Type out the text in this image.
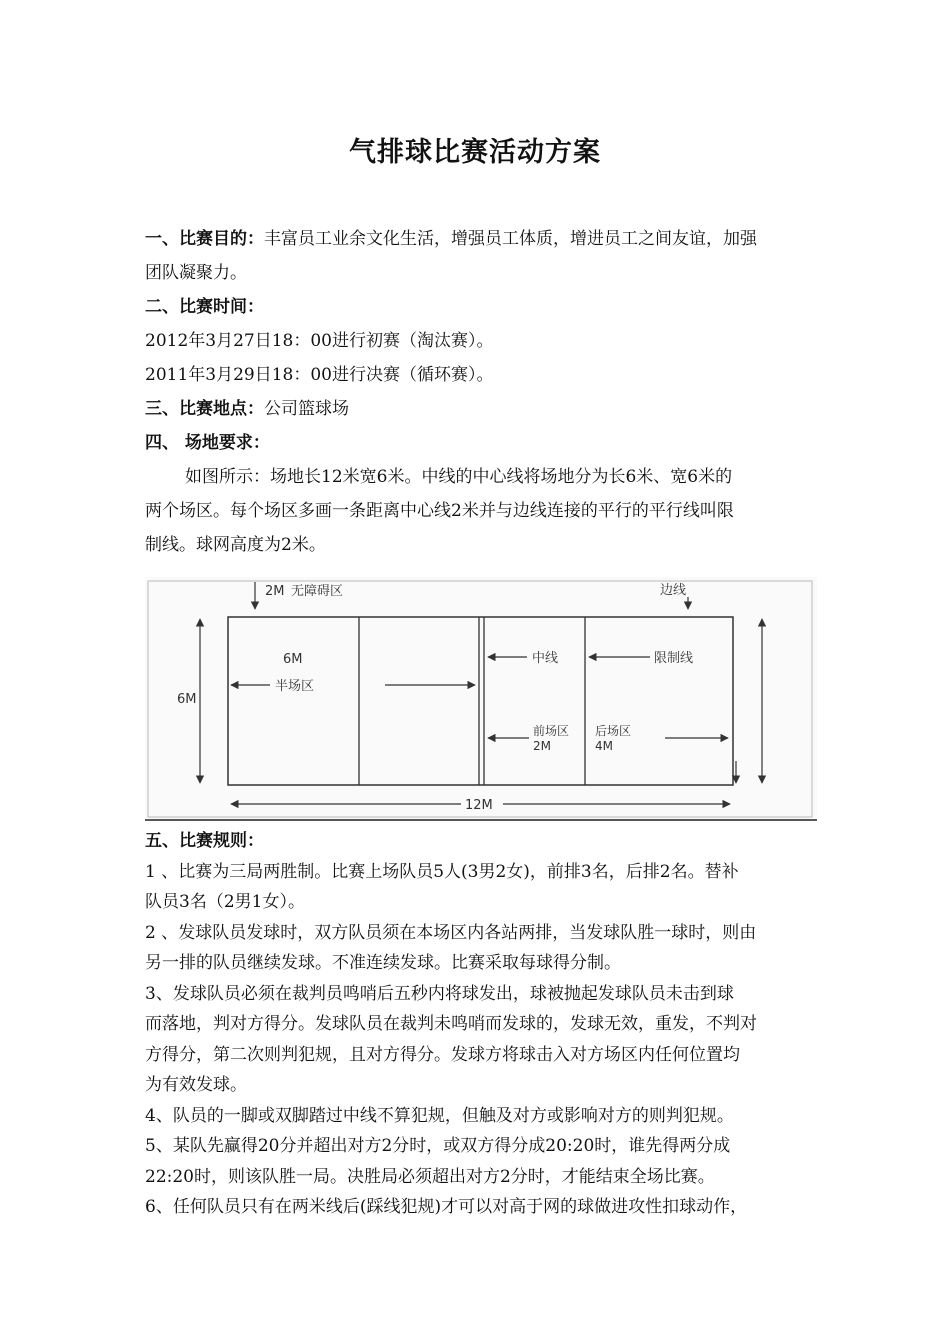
气排球比赛活动方案
一、比赛目的：丰富员工业余文化生活，增强员工体质，增进员工之间友谊，加强
团队凝聚力。
二、比赛时间：
2012年3月27日18：00进行初赛（淘汰赛）。
2011年3月29日18：00进行决赛（循环赛）。
三、比赛地点：公司篮球场
四、 场地要求：
如图所示：场地长12米宽6米。中线的中心线将场地分为长6米、宽6米的
两个场区。每个场区多画一条距离中心线2米并与边线连接的平行的平行线叫限
制线。球网高度为2米。
2M 无障碍区	边线
6M
6M
半场区
中线	限制线
前场区
2M
后场区
4M
12M
五、比赛规则：
1 、比赛为三局两胜制。比赛上场队员5人(3男2女)，前排3名，后排2名。替补
队员3名（2男1女）。
2 、发球队员发球时，双方队员须在本场区内各站两排，当发球队胜一球时，则由
另一排的队员继续发球。不准连续发球。比赛采取每球得分制。
3、发球队员必须在裁判员鸣哨后五秒内将球发出，球被抛起发球队员未击到球
而落地，判对方得分。发球队员在裁判未鸣哨而发球的，发球无效，重发，不判对
方得分，第二次则判犯规，且对方得分。发球方将球击入对方场区内任何位置均
为有效发球。
4、队员的一脚或双脚踏过中线不算犯规，但触及对方或影响对方的则判犯规。
5、某队先赢得20分并超出对方2分时，或双方得分成20:20时，谁先得两分成
22:20时，则该队胜一局。决胜局必须超出对方2分时，才能结束全场比赛。
6、任何队员只有在两米线后(踩线犯规)才可以对高于网的球做进攻性扣球动作，
